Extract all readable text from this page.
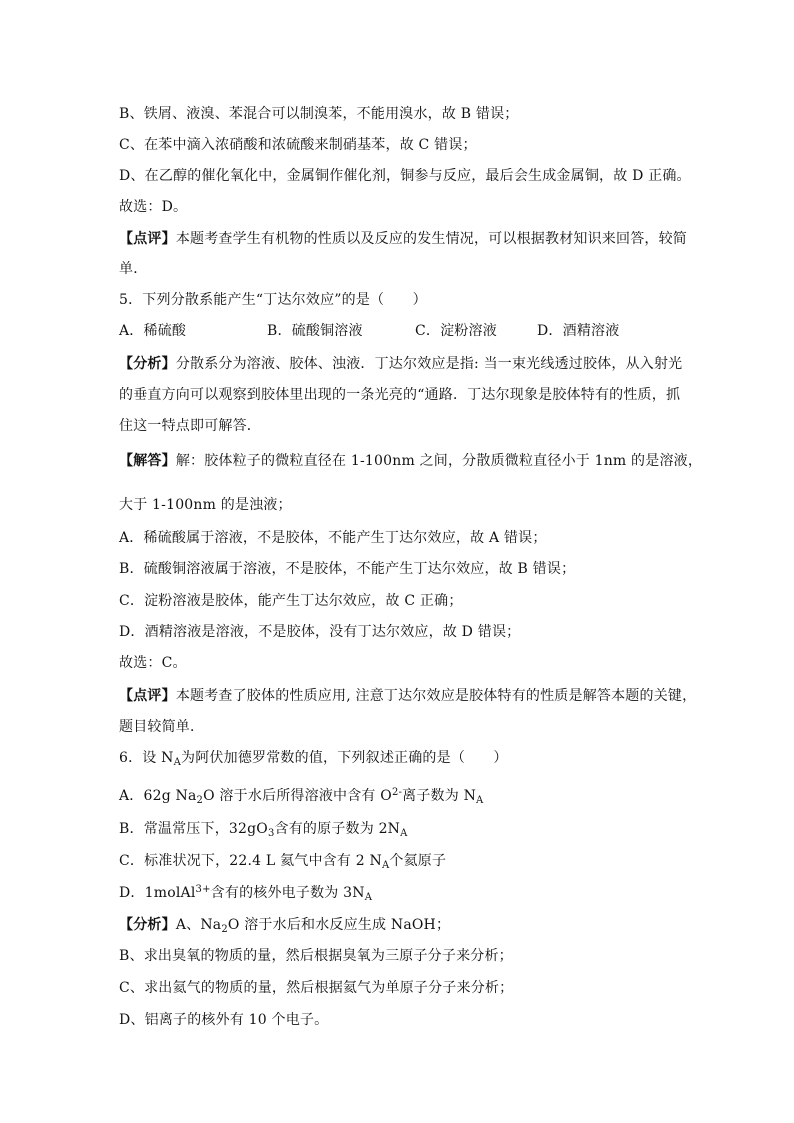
B、铁屑、液溴、苯混合可以制溴苯，不能用溴水，故 B 错误；
C、在苯中滴入浓硝酸和浓硫酸来制硝基苯，故 C 错误；
D、在乙醇的催化氧化中，金属铜作催化剂，铜参与反应，最后会生成金属铜，故 D 正确。
故选：D。
【点评】本题考查学生有机物的性质以及反应的发生情况，可以根据教材知识来回答，较简
单．
5．下列分散系能产生“丁达尔效应”的是（　　）
A．稀硫酸	B．硫酸铜溶液	C．淀粉溶液	D．酒精溶液
【分析】分散系分为溶液、胶体、浊液．丁达尔效应是指: 当一束光线透过胶体，从入射光
的垂直方向可以观察到胶体里出现的一条光亮的“通路．丁达尔现象是胶体特有的性质，抓
住这一特点即可解答．
【解答】解：胶体粒子的微粒直径在 1-100nm 之间，分散质微粒直径小于 1nm 的是溶液，
大于 1-100nm 的是浊液；
A．稀硫酸属于溶液，不是胶体，不能产生丁达尔效应，故 A 错误；
B．硫酸铜溶液属于溶液，不是胶体，不能产生丁达尔效应，故 B 错误；
C．淀粉溶液是胶体，能产生丁达尔效应，故 C 正确；
D．酒精溶液是溶液，不是胶体，没有丁达尔效应，故 D 错误；
故选：C。
【点评】本题考查了胶体的性质应用, 注意丁达尔效应是胶体特有的性质是解答本题的关键，
题目较简单．
6．设 $N_A$为阿伏加德罗常数的值，下列叙述正确的是（　　）
A．62g $Na_2O$ 溶于水后所得溶液中含有 $O^{2-}$离子数为 $N_A$
B．常温常压下，$32gO_3$含有的原子数为 $2N_A$
C．标准状况下，22.4 L 氦气中含有 2 $N_A$个氦原子
D．1molAl$^{3+}$含有的核外电子数为 $3N_A$
【分析】A、$Na_2O$ 溶于水后和水反应生成 NaOH；
B、求出臭氧的物质的量，然后根据臭氧为三原子分子来分析；
C、求出氦气的物质的量，然后根据氦气为单原子分子来分析；
D、铝离子的核外有 10 个电子。
